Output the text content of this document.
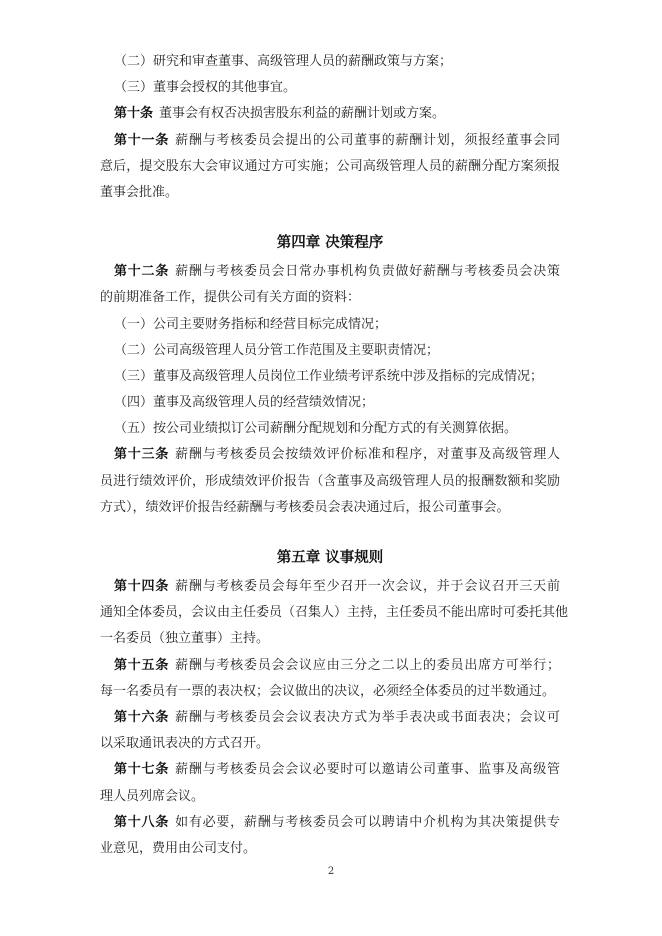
（二）研究和审查董事、高级管理人员的薪酬政策与方案；
（三）董事会授权的其他事宜。
第十条 董事会有权否决损害股东利益的薪酬计划或方案。
第十一条 薪酬与考核委员会提出的公司董事的薪酬计划，须报经董事会同
意后，提交股东大会审议通过方可实施；公司高级管理人员的薪酬分配方案须报
董事会批准。
第四章 决策程序
第十二条 薪酬与考核委员会日常办事机构负责做好薪酬与考核委员会决策
的前期准备工作，提供公司有关方面的资料：
（一）公司主要财务指标和经营目标完成情况；
（二）公司高级管理人员分管工作范围及主要职责情况；
（三）董事及高级管理人员岗位工作业绩考评系统中涉及指标的完成情况；
（四）董事及高级管理人员的经营绩效情况；
（五）按公司业绩拟订公司薪酬分配规划和分配方式的有关测算依据。
第十三条 薪酬与考核委员会按绩效评价标准和程序，对董事及高级管理人
员进行绩效评价，形成绩效评价报告（含董事及高级管理人员的报酬数额和奖励
方式），绩效评价报告经薪酬与考核委员会表决通过后，报公司董事会。
第五章 议事规则
第十四条 薪酬与考核委员会每年至少召开一次会议，并于会议召开三天前
通知全体委员，会议由主任委员（召集人）主持，主任委员不能出席时可委托其他
一名委员（独立董事）主持。
第十五条 薪酬与考核委员会会议应由三分之二以上的委员出席方可举行；
每一名委员有一票的表决权；会议做出的决议，必须经全体委员的过半数通过。
第十六条 薪酬与考核委员会会议表决方式为举手表决或书面表决；会议可
以采取通讯表决的方式召开。
第十七条 薪酬与考核委员会会议必要时可以邀请公司董事、监事及高级管
理人员列席会议。
第十八条 如有必要，薪酬与考核委员会可以聘请中介机构为其决策提供专
业意见，费用由公司支付。
2
